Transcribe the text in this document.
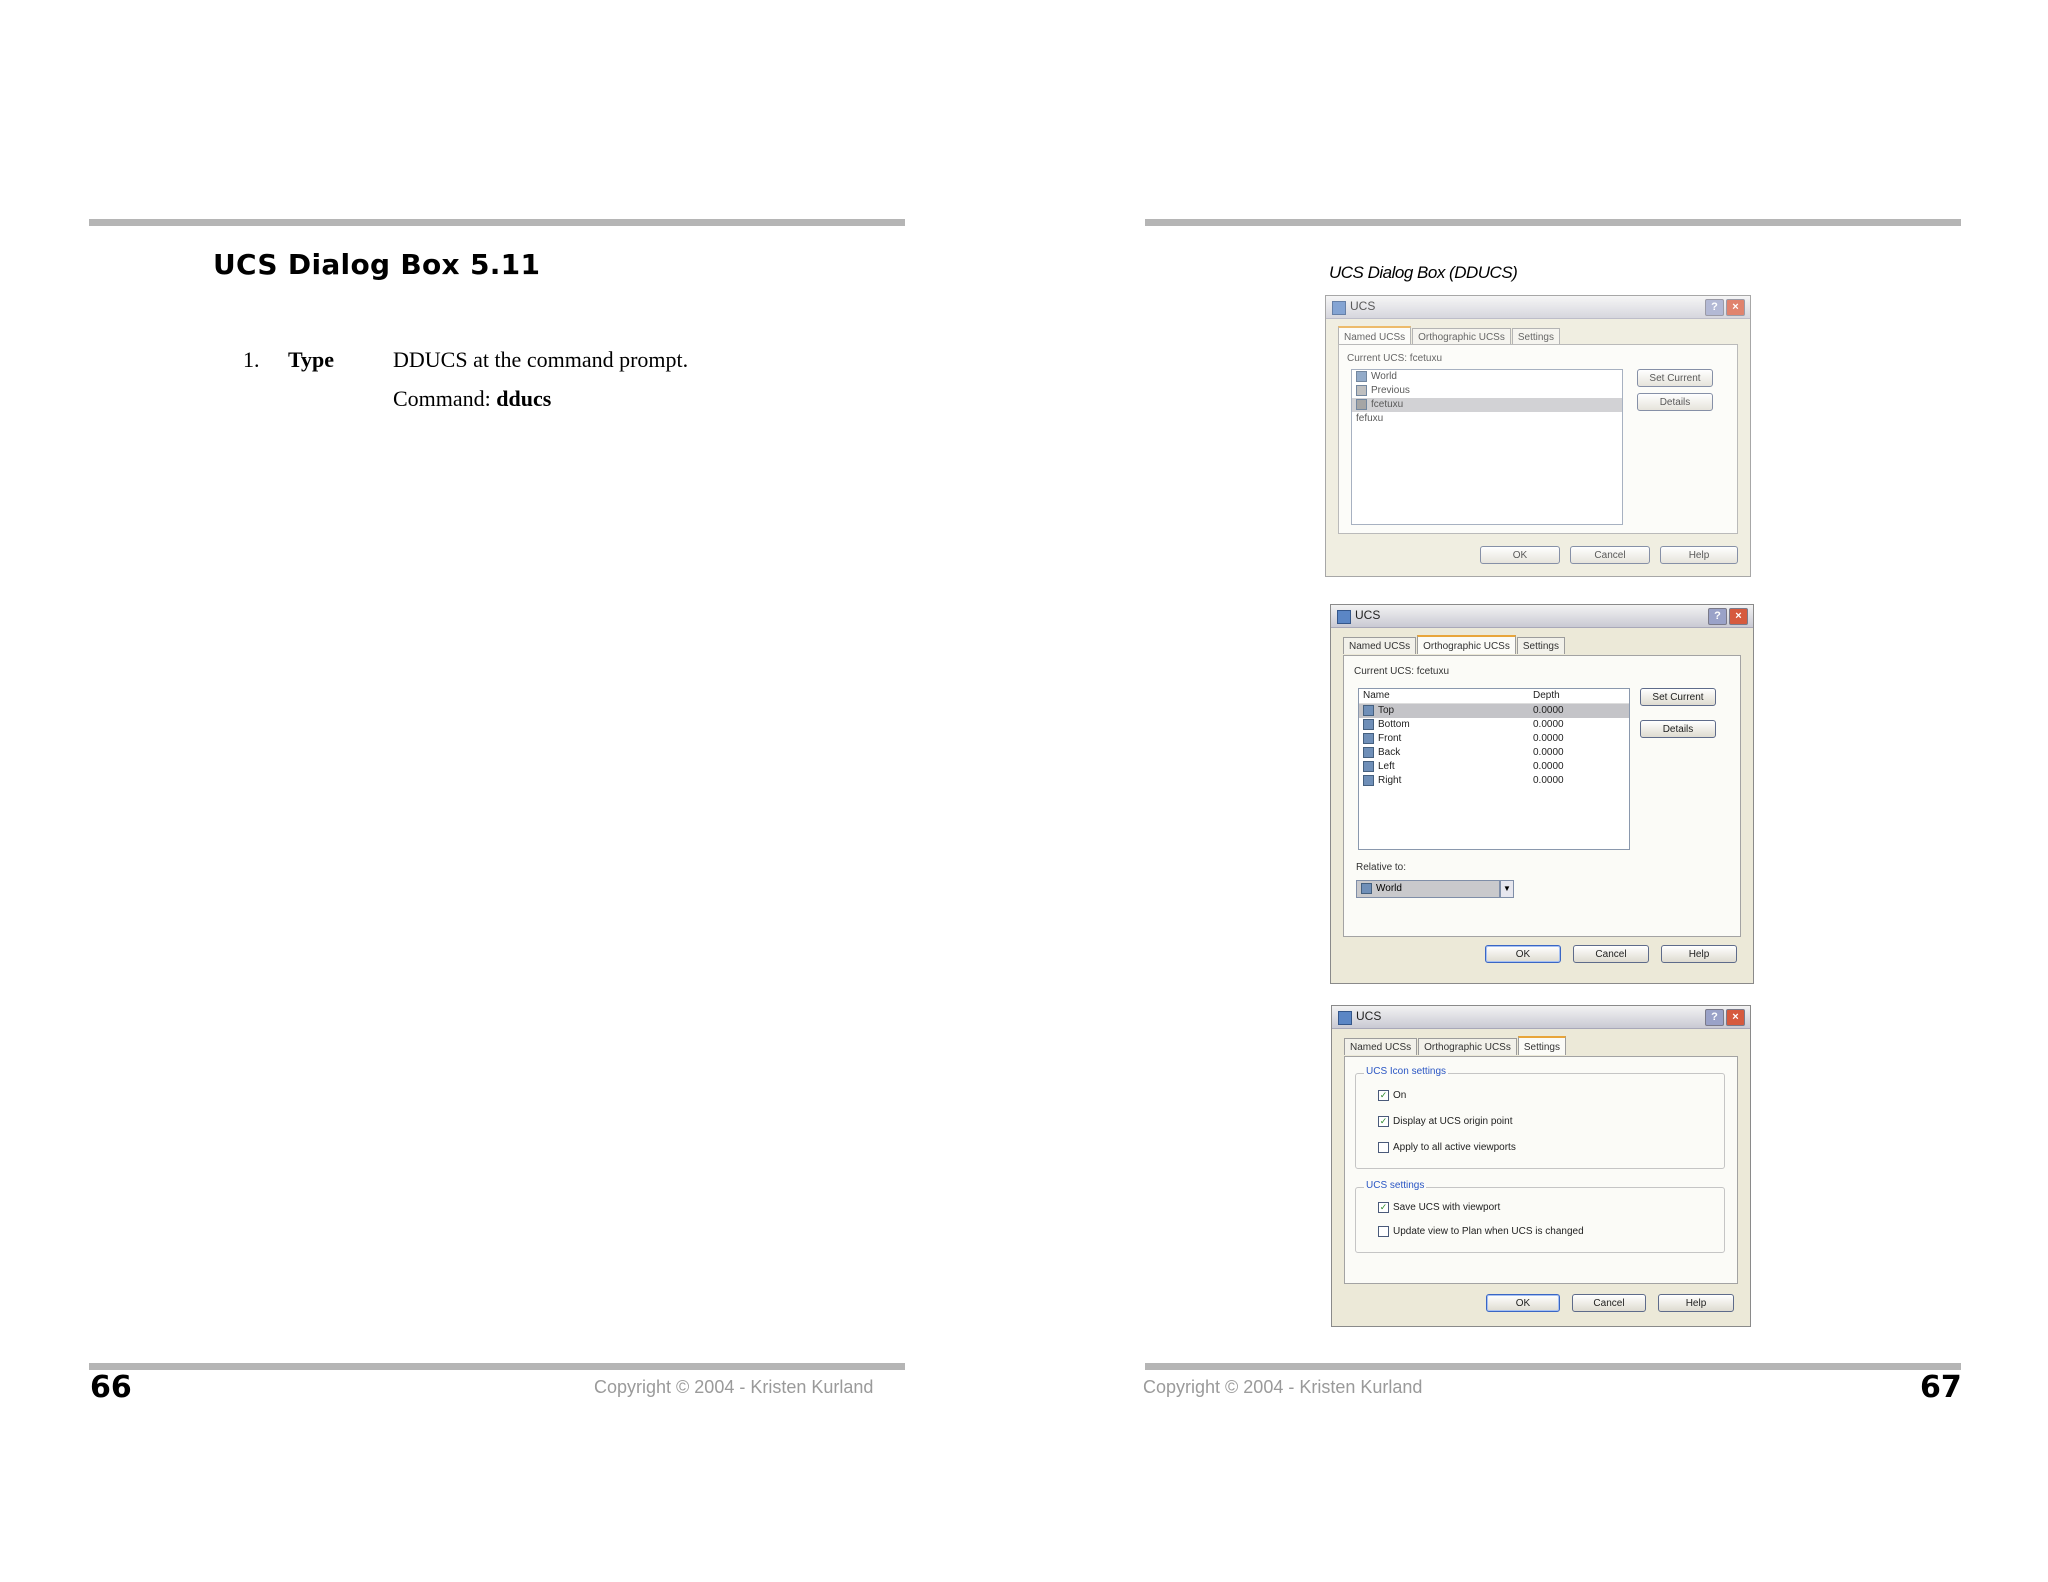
UCS Dialog Box 5.11
1. Type	DDUCS at the command prompt.
Command: dducs
66	Copyright © 2004 - Kristen Kurland
UCS Dialog Box (DDUCS)
UCS	?	×
Named UCSs Orthographic UCSs Settings
Current UCS: fcetuxu
World
Previous
fcetuxu
fefuxu
Set Current
Details
OK	Cancel	Help
UCS	?	×
Named UCSs Orthographic UCSs Settings
Current UCS: fcetuxu
Name	Depth
Top	0.0000
Bottom	0.0000
Front	0.0000
Back	0.0000
Left	0.0000
Right	0.0000
Set Current
Details
Relative to:
World	▼
OK	Cancel	Help
UCS	?	×
Named UCSs Orthographic UCSs Settings
UCS Icon settings
✓ On
✓ Display at UCS origin point
Apply to all active viewports
UCS settings
✓ Save UCS with viewport
Update view to Plan when UCS is changed
OK	Cancel	Help
Copyright © 2004 - Kristen Kurland	67
